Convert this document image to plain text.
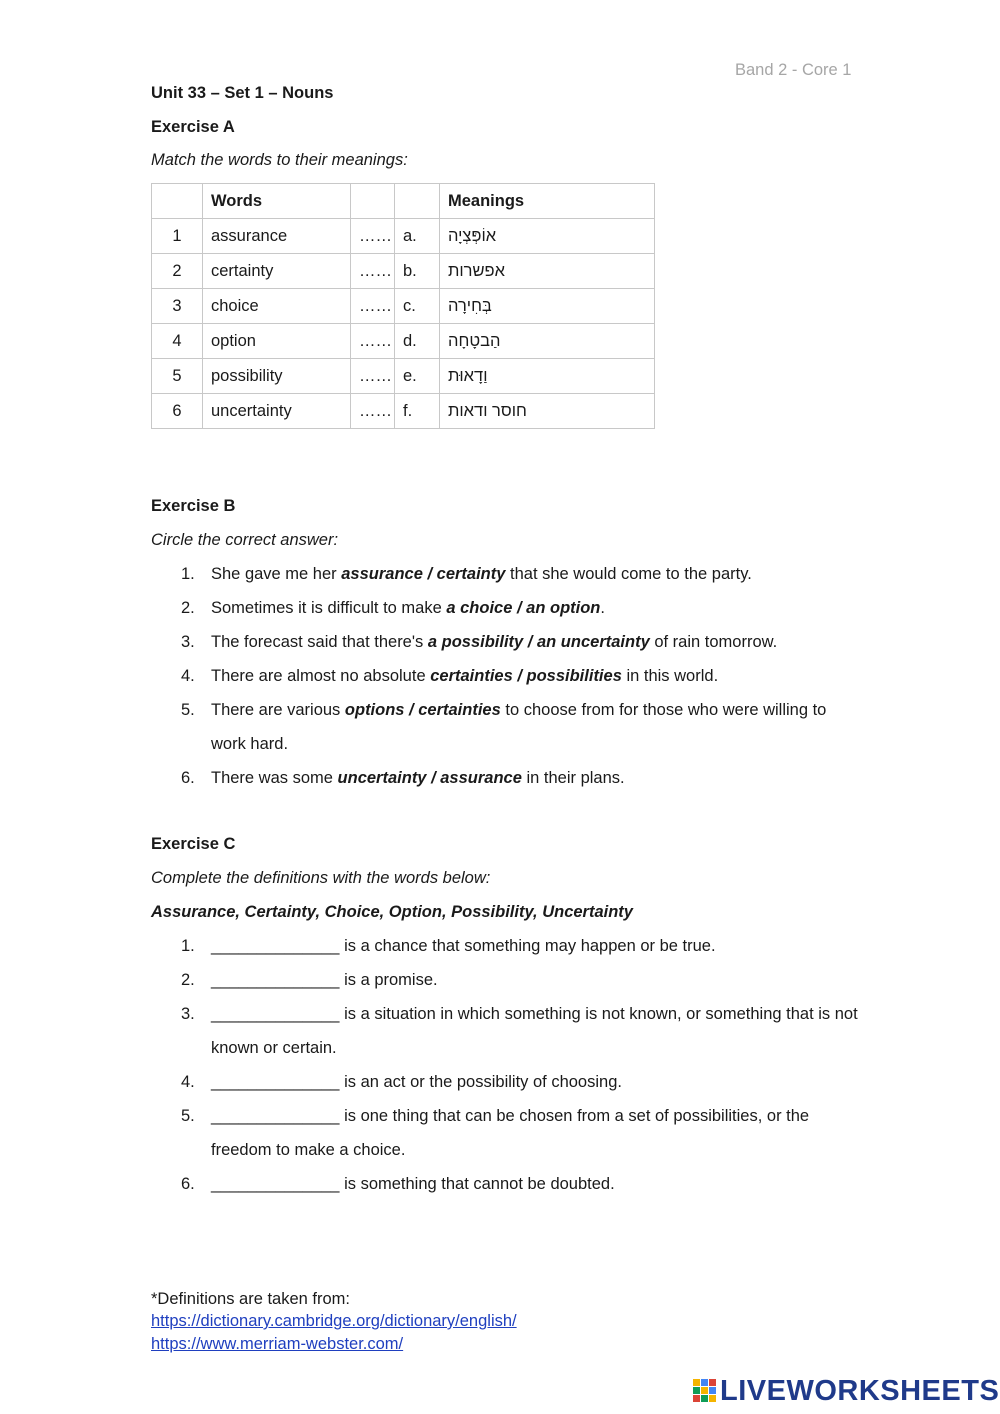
Band 2 - Core 1
Unit 33 – Set 1 – Nouns
Exercise A
Match the words to their meanings:
	Words			Meanings
1	assurance	……	a.	אוֹפְּצְיָה
2	certainty	……	b.	אפשרות
3	choice	……	c.	בְּחִירָה
4	option	……	d.	הַבטָחָה
5	possibility	……	e.	וַדָאוּת
6	uncertainty	……	f.	חוסר ודאות
Exercise B
Circle the correct answer:
1. She gave me her assurance / certainty that she would come to the party.
2. Sometimes it is difficult to make a choice / an option.
3. The forecast said that there's a possibility / an uncertainty of rain tomorrow.
4. There are almost no absolute certainties / possibilities in this world.
5. There are various options / certainties to choose from for those who were willing to work hard.
6. There was some uncertainty / assurance in their plans.
Exercise C
Complete the definitions with the words below:
Assurance, Certainty, Choice, Option, Possibility, Uncertainty
1. ______________ is a chance that something may happen or be true.
2. ______________ is a promise.
3. ______________ is a situation in which something is not known, or something that is not known or certain.
4. ______________ is an act or the possibility of choosing.
5. ______________ is one thing that can be chosen from a set of possibilities, or the freedom to make a choice.
6. ______________ is something that cannot be doubted.
*Definitions are taken from:
https://dictionary.cambridge.org/dictionary/english/
https://www.merriam-webster.com/
LIVEWORKSHEETS
